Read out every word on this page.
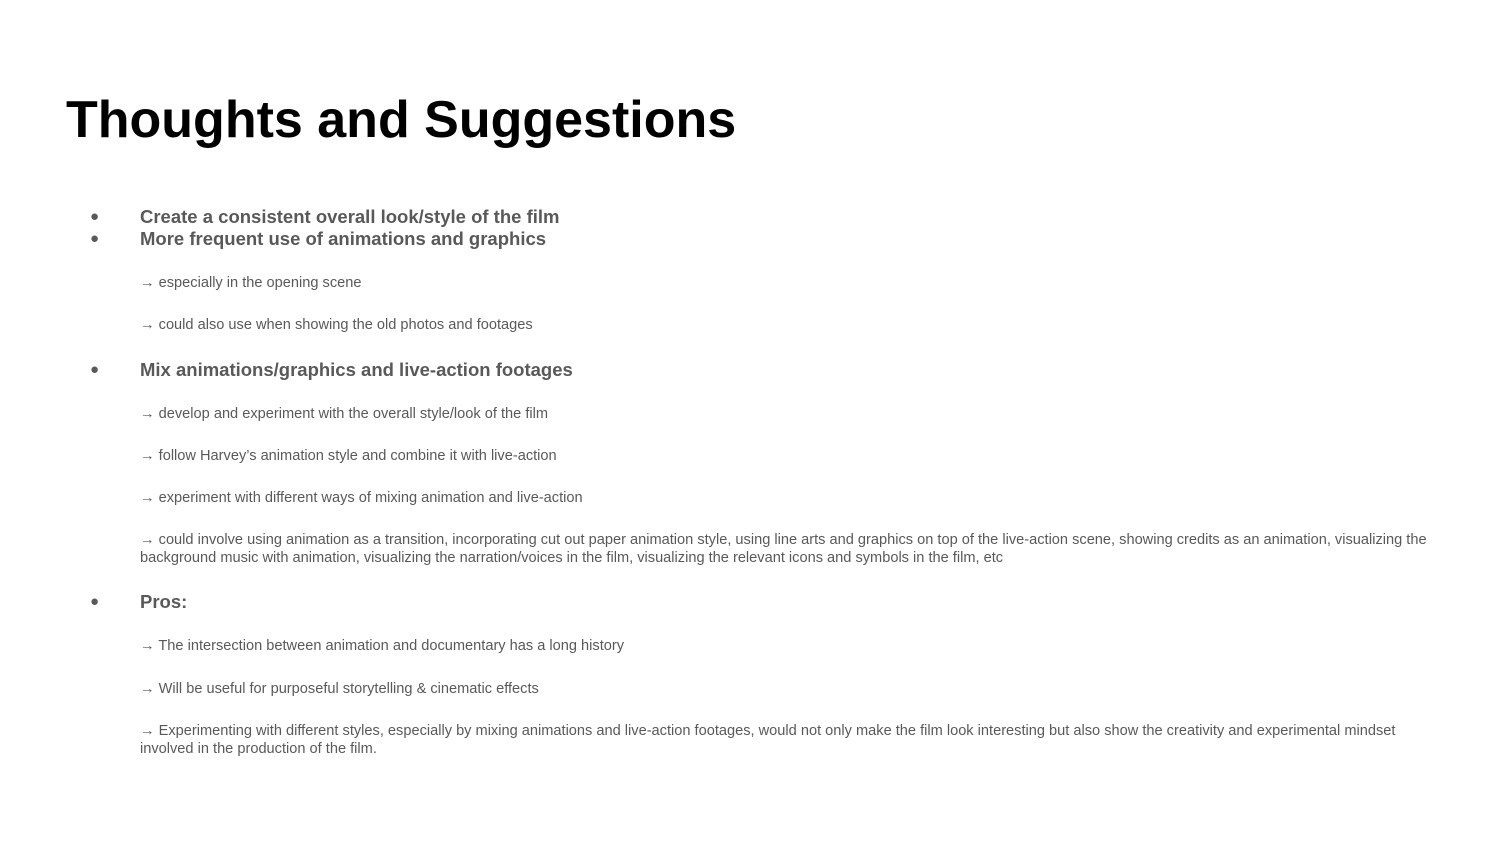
Thoughts and Suggestions
● Create a consistent overall look/style of the film
● More frequent use of animations and graphics
→ especially in the opening scene
→ could also use when showing the old photos and footages
● Mix animations/graphics and live-action footages
→ develop and experiment with the overall style/look of the film
→ follow Harvey’s animation style and combine it with live-action
→ experiment with different ways of mixing animation and live-action
→ could involve using animation as a transition, incorporating cut out paper animation style, using line arts and graphics on top of the live-action scene, showing credits as an animation, visualizing the background music with animation, visualizing the narration/voices in the film, visualizing the relevant icons and symbols in the film, etc
● Pros:
→ The intersection between animation and documentary has a long history
→ Will be useful for purposeful storytelling & cinematic effects
→ Experimenting with different styles, especially by mixing animations and live-action footages, would not only make the film look interesting but also show the creativity and experimental mindset involved in the production of the film.
